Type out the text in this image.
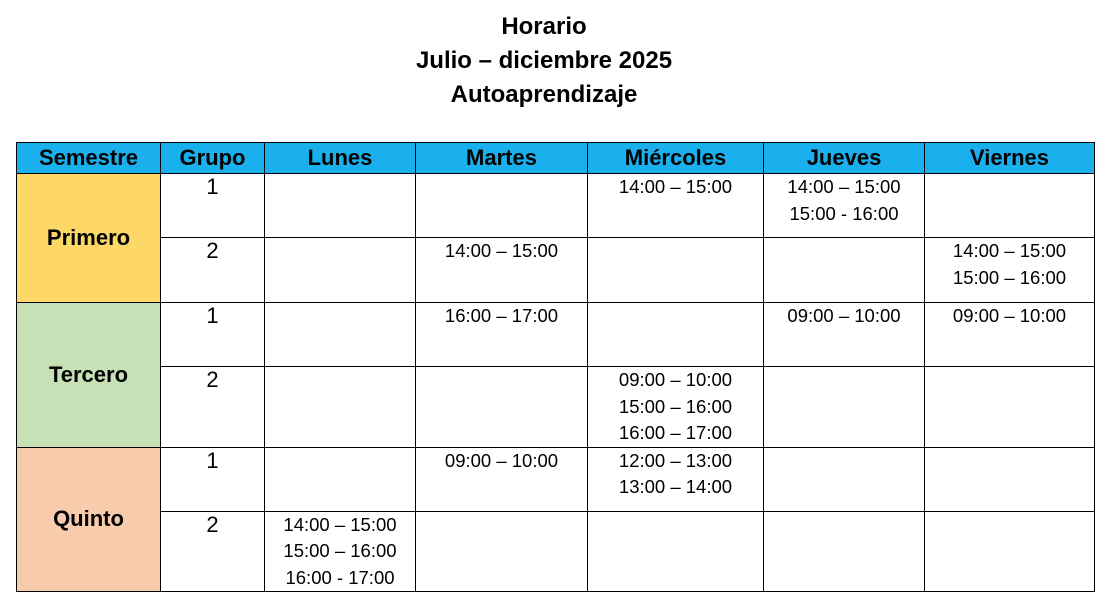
Horario
Julio – diciembre 2025
Autoaprendizaje
Semestre	Grupo	Lunes	Martes	Miércoles	Jueves	Viernes
Primero	1			14:00 – 15:00	14:00 – 15:00
15:00 - 16:00	

	2		14:00 – 15:00			14:00 – 15:00
15:00 – 16:00

Tercero	1		16:00 – 17:00		09:00 – 10:00	09:00 – 10:00

	2			09:00 – 10:00
15:00 – 16:00
16:00 – 17:00		

Quinto	1		09:00 – 10:00	12:00 – 13:00
13:00 – 14:00		

	2	14:00 – 15:00
15:00 – 16:00
16:00 - 17:00				
